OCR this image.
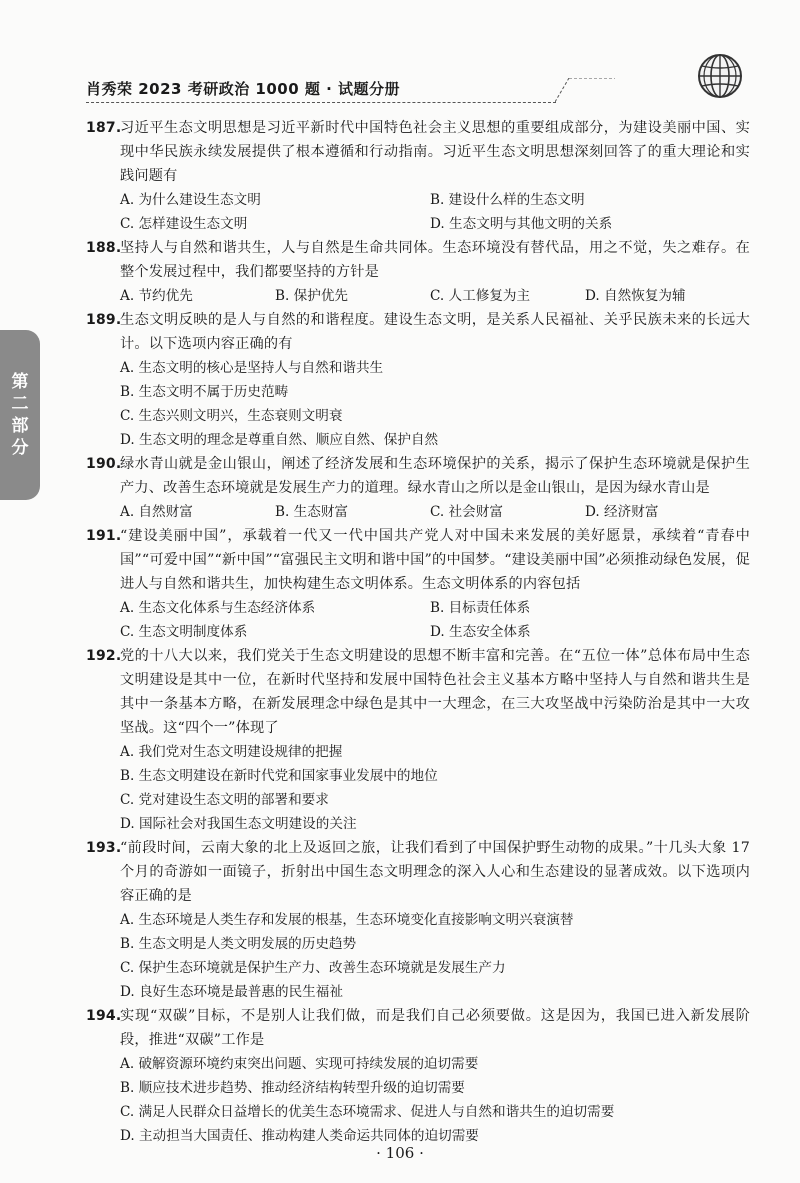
肖秀荣 2023 考研政治 1000 题 · 试题分册
第
二
部
分
187.
习近平生态文明思想是习近平新时代中国特色社会主义思想的重要组成部分，为建设美丽中国、实现中华民族永续发展提供了根本遵循和行动指南。习近平生态文明思想深刻回答了的重大理论和实践问题有
A. 为什么建设生态文明	B. 建设什么样的生态文明
C. 怎样建设生态文明	D. 生态文明与其他文明的关系
188.
坚持人与自然和谐共生，人与自然是生命共同体。生态环境没有替代品，用之不觉，失之难存。在整个发展过程中，我们都要坚持的方针是
A. 节约优先	B. 保护优先	C. 人工修复为主	D. 自然恢复为辅
189.
生态文明反映的是人与自然的和谐程度。建设生态文明，是关系人民福祉、关乎民族未来的长远大计。以下选项内容正确的有
A. 生态文明的核心是坚持人与自然和谐共生
B. 生态文明不属于历史范畴
C. 生态兴则文明兴，生态衰则文明衰
D. 生态文明的理念是尊重自然、顺应自然、保护自然
190.
绿水青山就是金山银山，阐述了经济发展和生态环境保护的关系，揭示了保护生态环境就是保护生产力、改善生态环境就是发展生产力的道理。绿水青山之所以是金山银山，是因为绿水青山是
A. 自然财富	B. 生态财富	C. 社会财富	D. 经济财富
191.
“建设美丽中国”，承载着一代又一代中国共产党人对中国未来发展的美好愿景，承续着“青春中国”“可爱中国”“新中国”“富强民主文明和谐中国”的中国梦。“建设美丽中国”必须推动绿色发展，促进人与自然和谐共生，加快构建生态文明体系。生态文明体系的内容包括
A. 生态文化体系与生态经济体系	B. 目标责任体系
C. 生态文明制度体系	D. 生态安全体系
192.
党的十八大以来，我们党关于生态文明建设的思想不断丰富和完善。在“五位一体”总体布局中生态文明建设是其中一位，在新时代坚持和发展中国特色社会主义基本方略中坚持人与自然和谐共生是其中一条基本方略，在新发展理念中绿色是其中一大理念，在三大攻坚战中污染防治是其中一大攻坚战。这“四个一”体现了
A. 我们党对生态文明建设规律的把握
B. 生态文明建设在新时代党和国家事业发展中的地位
C. 党对建设生态文明的部署和要求
D. 国际社会对我国生态文明建设的关注
193.
“前段时间，云南大象的北上及返回之旅，让我们看到了中国保护野生动物的成果。”十几头大象 17 个月的奇游如一面镜子，折射出中国生态文明理念的深入人心和生态建设的显著成效。以下选项内容正确的是
A. 生态环境是人类生存和发展的根基，生态环境变化直接影响文明兴衰演替
B. 生态文明是人类文明发展的历史趋势
C. 保护生态环境就是保护生产力、改善生态环境就是发展生产力
D. 良好生态环境是最普惠的民生福祉
194.
实现“双碳”目标，不是别人让我们做，而是我们自己必须要做。这是因为，我国已进入新发展阶段，推进“双碳”工作是
A. 破解资源环境约束突出问题、实现可持续发展的迫切需要
B. 顺应技术进步趋势、推动经济结构转型升级的迫切需要
C. 满足人民群众日益增长的优美生态环境需求、促进人与自然和谐共生的迫切需要
D. 主动担当大国责任、推动构建人类命运共同体的迫切需要
· 106 ·
